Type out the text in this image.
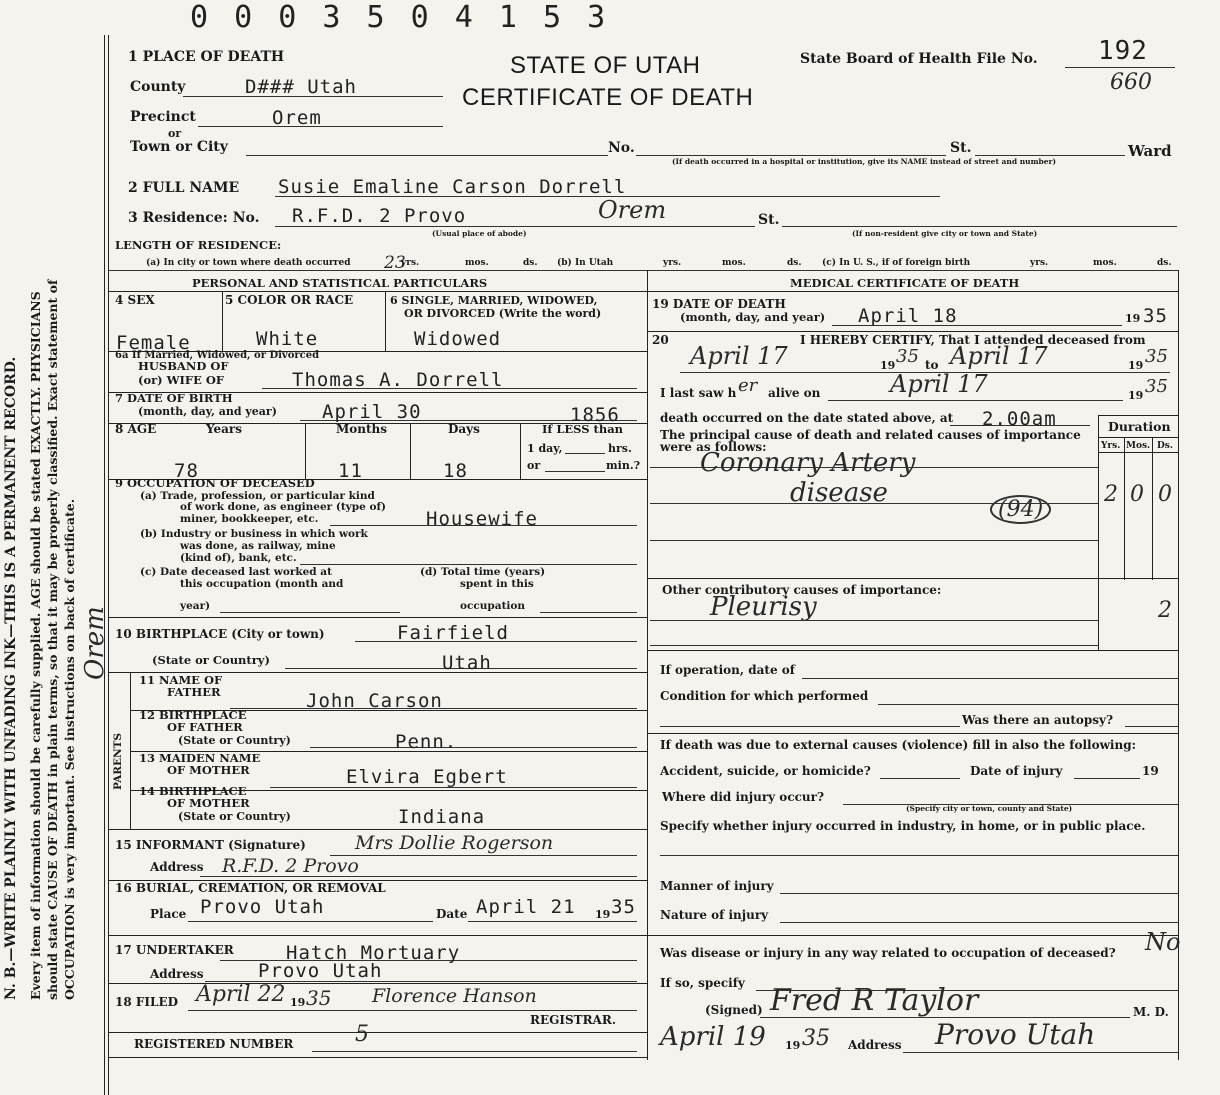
0 0 0 3 5 0 4 1 5 3
N. B.—WRITE PLAINLY WITH UNFADING INK—THIS IS A PERMANENT RECORD. Every item of information should be carefully supplied. AGE should be stated EXACTLY. PHYSICIANS should state CAUSE OF DEATH in plain terms, so that it may be properly classified. Exact statement of OCCUPATION is very important. See instructions on back of certificate. Orem
1 PLACE OF DEATH
County	D### Utah
Precinct	Orem
or
Town or City	No.	St.	Ward
(If death occurred in a hospital or institution, give its NAME instead of street and number)
STATE OF UTAH
CERTIFICATE OF DEATH
State Board of Health File No. 192
660
2 FULL NAME Susie Emaline Carson Dorrell
3 Residence: No. R.F.D. 2 Provo	Orem	St.
(Usual place of abode)	(If non-resident give city or town and State)
LENGTH OF RESIDENCE:
(a) In city or town where death occurred 23
yrs.	mos.	ds. (b) In Utah	yrs.	mos.	ds. (c) In U. S., if of foreign birth	yrs.	mos.	ds.
PERSONAL AND STATISTICAL PARTICULARS	MEDICAL CERTIFICATE OF DEATH
4 SEX	5 COLOR OR RACE	6 SINGLE, MARRIED, WIDOWED,
OR DIVORCED (Write the word)
Female	White	Widowed
6a If Married, Widowed, or Divorced
HUSBAND OF
(or) WIFE OF	Thomas A. Dorrell
7 DATE OF BIRTH
(month, day, and year) April 30	1856
8 AGE	Years	Months	Days	If LESS than
1 day,	hrs.
or	min.?
78	11	18
9 OCCUPATION OF DECEASED
(a) Trade, profession, or particular kind
of work done, as engineer (type of)
miner, bookkeeper, etc.	Housewife
(b) Industry or business in which work
was done, as railway, mine
(kind of), bank, etc.
(c) Date deceased last worked at
this occupation (month and
year)
(d) Total time (years)
spent in this
occupation
10 BIRTHPLACE (City or town)	Fairfield
(State or Country)	Utah
PARENTS
11 NAME OF
FATHER	John Carson
12 BIRTHPLACE
OF FATHER
(State or Country)	Penn.
13 MAIDEN NAME
OF MOTHER	Elvira Egbert
14 BIRTHPLACE
OF MOTHER
(State or Country)	Indiana
15 INFORMANT (Signature)	Mrs Dollie Rogerson
Address R.F.D. 2 Provo
16 BURIAL, CREMATION, OR REMOVAL
Place Provo Utah	Date April 21 19 35
17 UNDERTAKER	Hatch Mortuary
Address	Provo Utah
18 FILED April 22 19 35 Florence Hanson
REGISTRAR.
REGISTERED NUMBER	5
19 DATE OF DEATH
(month, day, and year) April 18	19 35
20	I HEREBY CERTIFY, That I attended deceased from
April 17	19 35 to April 17	19 35
I last saw h er alive on	April 17	19 35
death occurred on the date stated above, at 2.00am
The principal cause of death and related causes of importance
were as follows:
Duration
Yrs. Mos. Ds.
Coronary Artery
disease
(94)
2 0 0
Other contributory causes of importance:
Pleurisy	2
If operation, date of
Condition for which performed
Was there an autopsy?
If death was due to external causes (violence) fill in also the following:
Accident, suicide, or homicide?	Date of injury	19
Where did injury occur?
(Specify city or town, county and State)
Specify whether injury occurred in industry, in home, or in public place.
Manner of injury
Nature of injury
Was disease or injury in any way related to occupation of deceased? No
If so, specify
(Signed) Fred R Taylor	M. D.
April 19 19 35 Address Provo Utah
